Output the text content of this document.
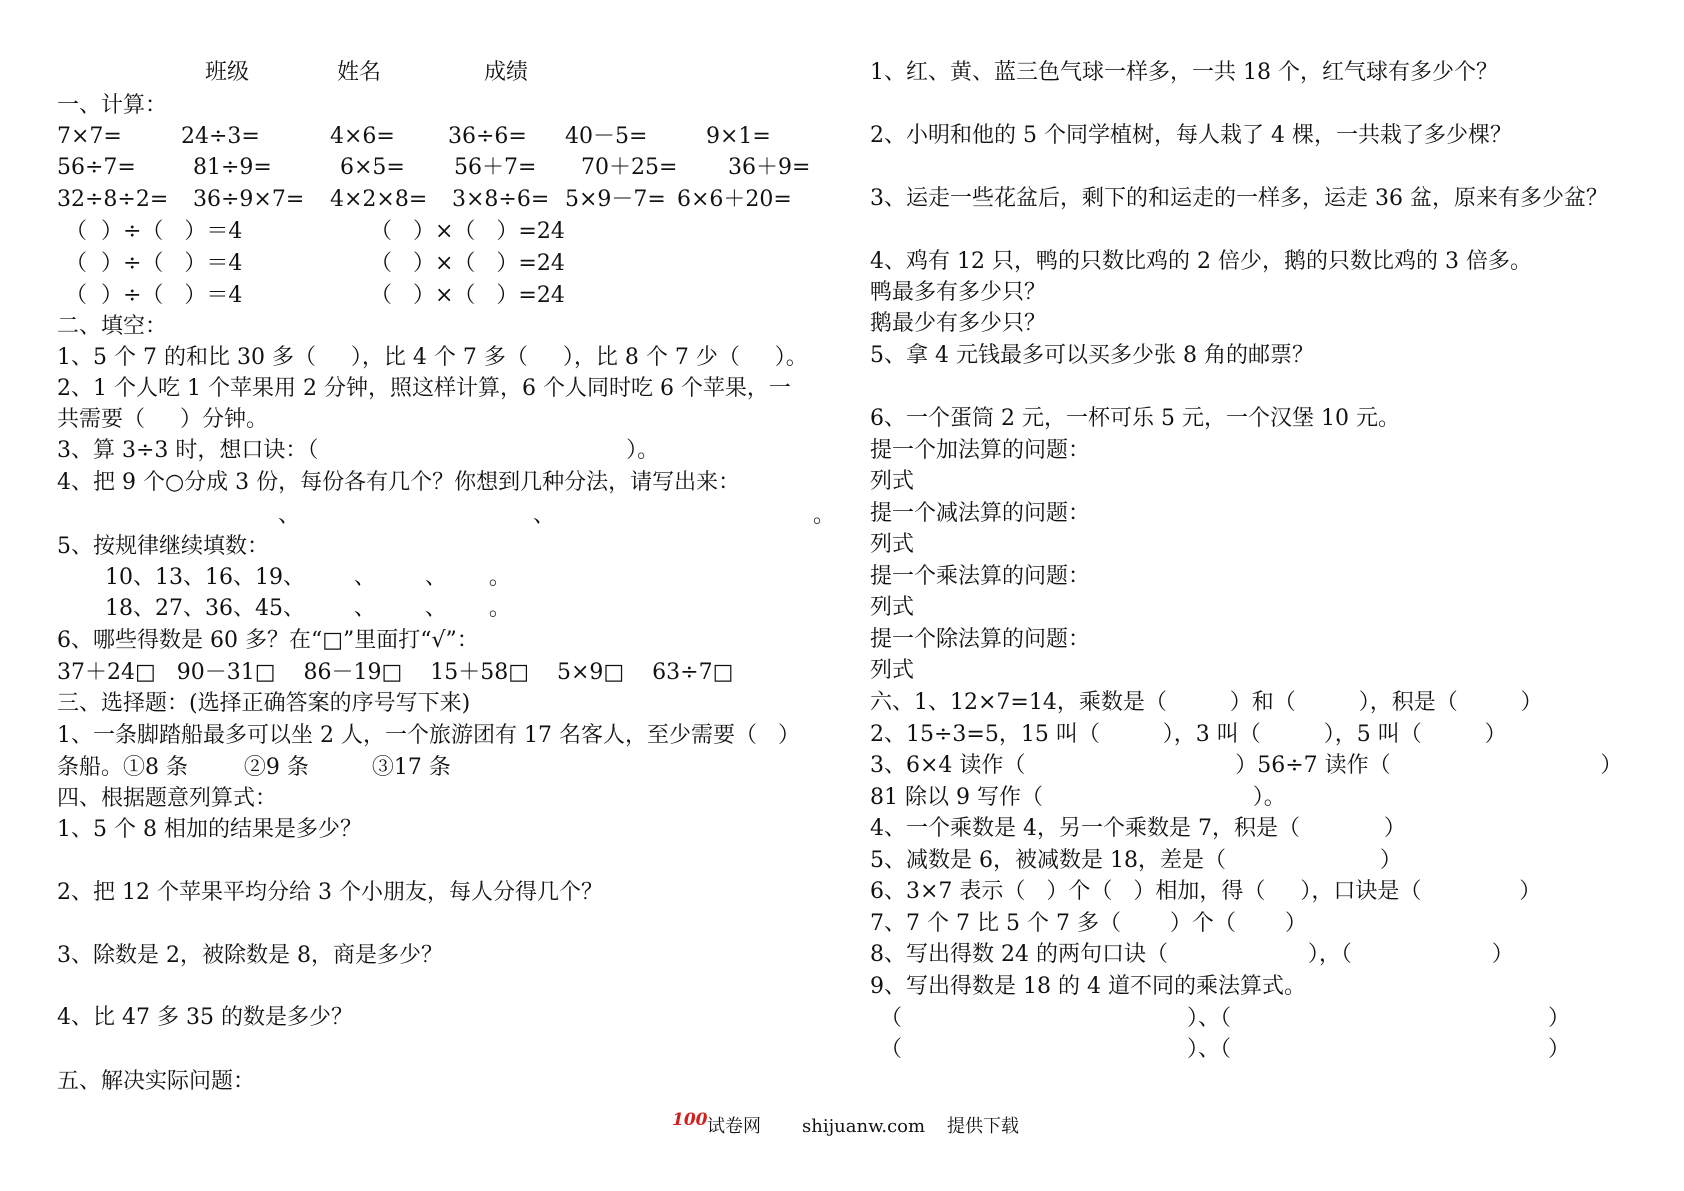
班级	姓名	成绩
一、计算：
7×7=	24÷3=	4×6= 36÷6= 40－5=	9×1=
56÷7=	81÷9=	6×5= 56＋7= 70＋25= 36＋9=
32÷8÷2= 36÷9×7= 4×2×8= 3×8÷6= 5×9－7= 6×6＋20=
（  ）÷（   ）＝4	（   ）×（   ）=24
（  ）÷（   ）＝4	（   ）×（   ）=24
（  ）÷（   ）＝4	（   ）×（   ）=24
二、填空：
1、5 个 7 的和比 30 多（     ），比 4 个 7 多（     ），比 8 个 7 少（     ）。
2、1 个人吃 1 个苹果用 2 分钟，照这样计算，6 个人同时吃 6 个苹果，一
共需要（     ）分钟。
3、算 3÷3 时，想口诀：（                                            ）。
4、把 9 个○分成 3 份，每份各有几个？你想到几种分法，请写出来：
、	、	。
5、按规律继续填数：
10、13、16、19、       、       、      。
18、27、36、45、       、       、      。
6、哪些得数是 60 多？在“□”里面打“√”：
37＋24□   90－31□    86－19□    15＋58□    5×9□    63÷7□
三、选择题：(选择正确答案的序号写下来)
1、一条脚踏船最多可以坐 2 人，一个旅游团有 17 名客人，至少需要（   ）
条船。①8 条        ②9 条         ③17 条
四、根据题意列算式：
1、5 个 8 相加的结果是多少？
2、把 12 个苹果平均分给 3 个小朋友，每人分得几个？
3、除数是 2，被除数是 8，商是多少？
4、比 47 多 35 的数是多少？
五、解决实际问题：
1、红、黄、蓝三色气球一样多，一共 18 个，红气球有多少个？
2、小明和他的 5 个同学植树，每人栽了 4 棵，一共栽了多少棵？
3、运走一些花盆后，剩下的和运走的一样多，运走 36 盆，原来有多少盆？
4、鸡有 12 只，鸭的只数比鸡的 2 倍少，鹅的只数比鸡的 3 倍多。
鸭最多有多少只？
鹅最少有多少只？
5、拿 4 元钱最多可以买多少张 8 角的邮票？
6、一个蛋筒 2 元，一杯可乐 5 元，一个汉堡 10 元。
提一个加法算的问题：
列式
提一个减法算的问题：
列式
提一个乘法算的问题：
列式
提一个除法算的问题：
列式
六、1、12×7=14，乘数是（         ）和（         ），积是（         ）
2、15÷3=5，15 叫（         ），3 叫（         ），5 叫（         ）
3、6×4 读作（                              ）56÷7 读作（                              ）
81 除以 9 写作（                              ）。
4、一个乘数是 4，另一个乘数是 7，积是（            ）
5、减数是 6，被减数是 18，差是（                      ）
6、3×7 表示（   ）个（   ）相加，得（     ），口诀是（              ）
7、7 个 7 比 5 个 7 多（       ）个（       ）
8、写出得数 24 的两句口诀（                    ），（                    ）
9、写出得数是 18 的 4 道不同的乘法算式。
（	）、（	）
（	）、（	）
100 试卷网 shijuanw.com 提供下载
